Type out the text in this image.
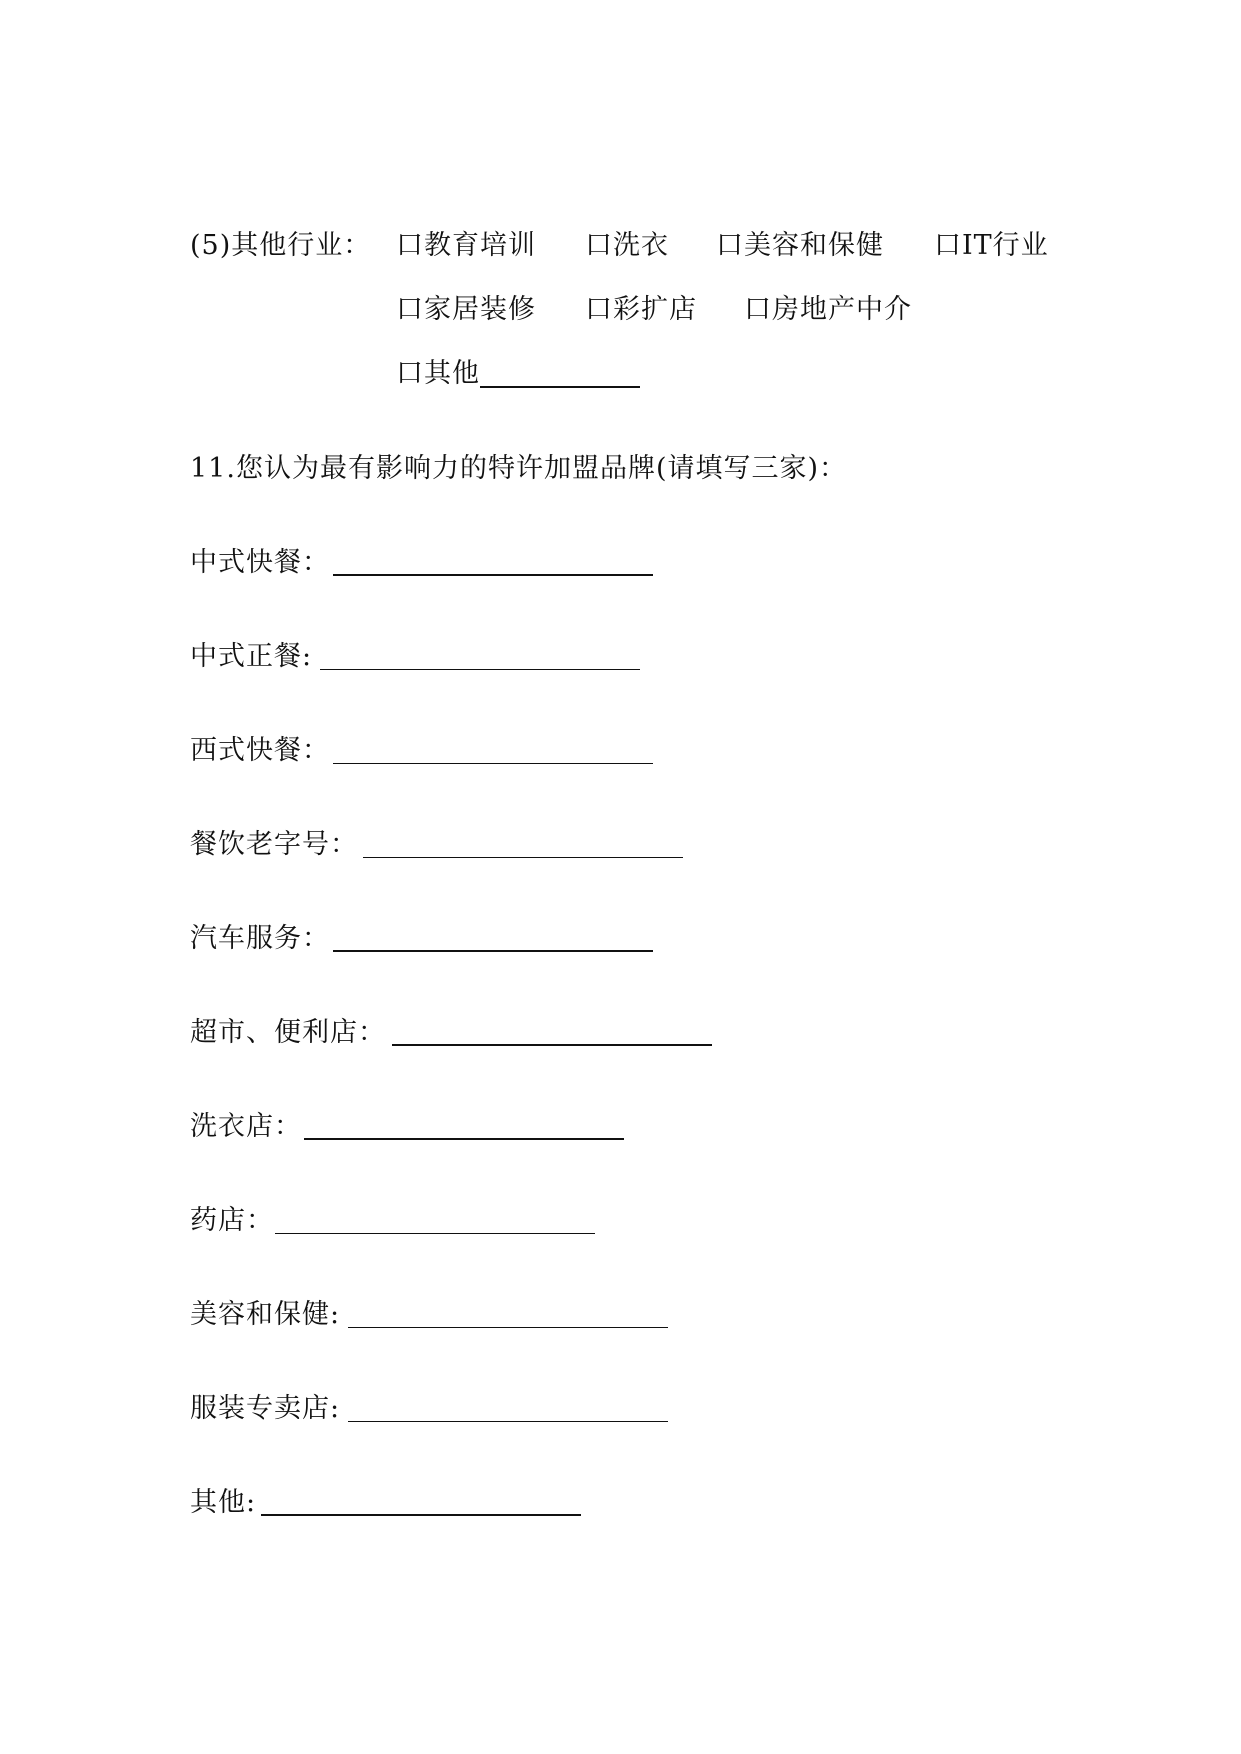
(5)其他行业： 口教育培训 口洗衣 口美容和保健 口IT行业
口家居装修 口彩扩店 口房地产中介
口其他
11.您认为最有影响力的特许加盟品牌(请填写三家)：
中式快餐：
中式正餐:
西式快餐：
餐饮老字号：
汽车服务：
超市、便利店：
洗衣店：
药店：
美容和保健:
服装专卖店:
其他:
